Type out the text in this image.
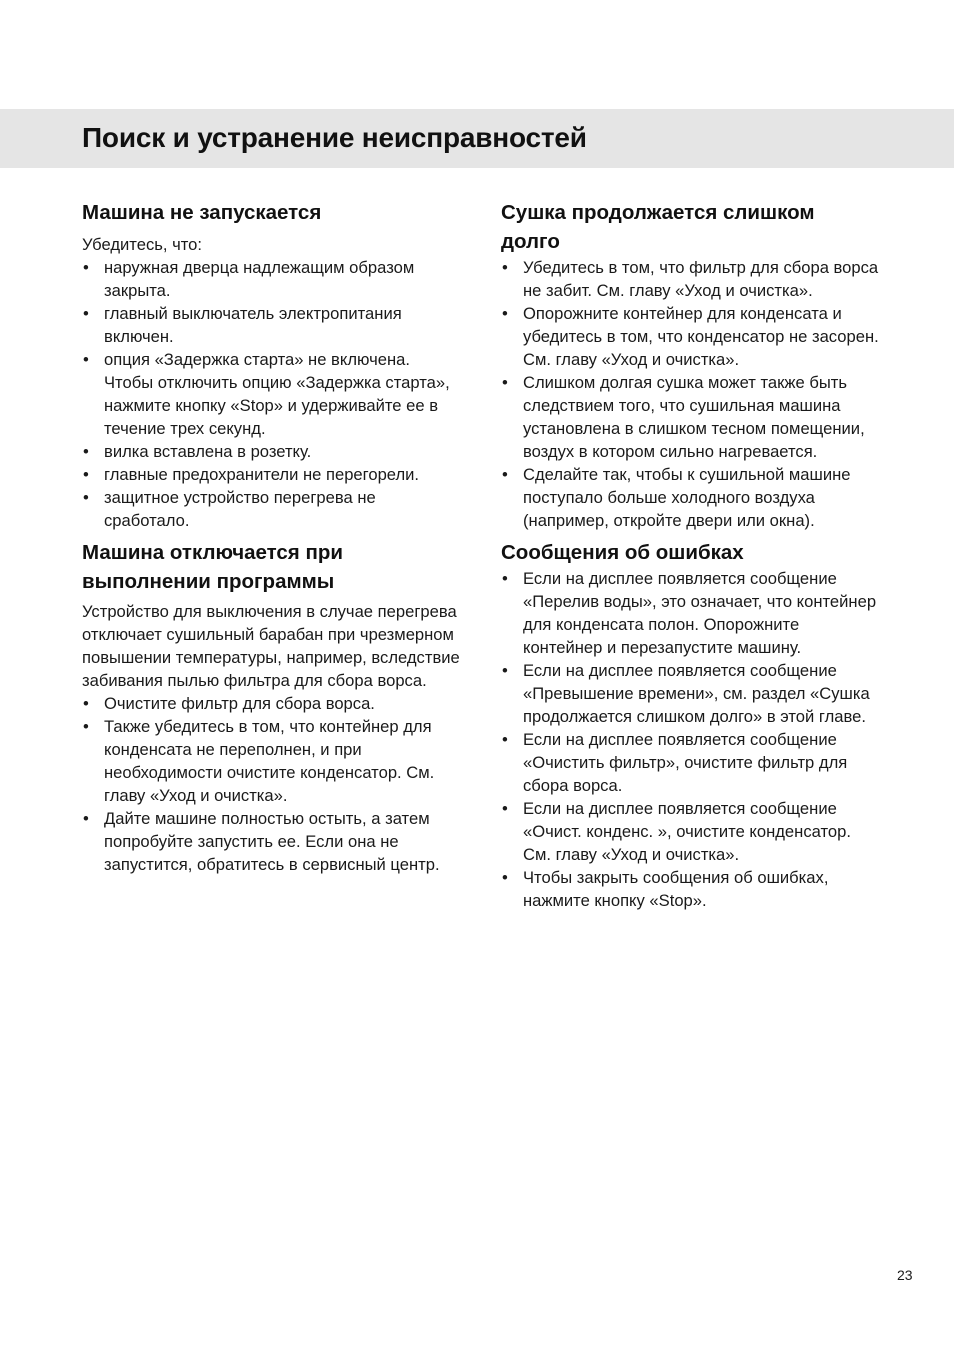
Поиск и устранение неисправностей
Машина не запускается

Убедитесь, что:

• наружная дверца надлежащим образом закрыта.
• главный выключатель электропитания включен.
• опция «Задержка старта» не включена. Чтобы отключить опцию «Задержка старта», нажмите кнопку «Stop» и удерживайте ее в течение трех секунд.
• вилка вставлена в розетку.
• главные предохранители не перегорели.
• защитное устройство перегрева не сработало.
Машина отключается при выполнении программы

Устройство для выключения в случае перегрева отключает сушильный барабан при чрезмерном повышении температуры, например, вследствие забивания пылью фильтра для сбора ворса.

• Очистите фильтр для сбора ворса.
• Также убедитесь в том, что контейнер для конденсата не переполнен, и при необходимости очистите конденсатор. См. главу «Уход и очистка».
• Дайте машине полностью остыть, а затем попробуйте запустить ее. Если она не запустится, обратитесь в сервисный центр.
Сушка продолжается слишком долго
• Убедитесь в том, что фильтр для сбора ворса не забит. См. главу «Уход и очистка».
• Опорожните контейнер для конденсата и убедитесь в том, что конденсатор не засорен. См. главу «Уход и очистка».
• Слишком долгая сушка может также быть следствием того, что сушильная машина установлена в слишком тесном помещении, воздух в котором сильно нагревается.
• Сделайте так, чтобы к сушильной машине поступало больше холодного воздуха (например, откройте двери или окна).
Сообщения об ошибках
• Если на дисплее появляется сообщение «Перелив воды», это означает, что контейнер для конденсата полон. Опорожните контейнер и перезапустите машину.
• Если на дисплее появляется сообщение «Превышение времени», см. раздел «Сушка продолжается слишком долго» в этой главе.
• Если на дисплее появляется сообщение «Очистить фильтр», очистите фильтр для сбора ворса.
• Если на дисплее появляется сообщение «Очист. конденс. », очистите конденсатор. См. главу «Уход и очистка».
• Чтобы закрыть сообщения об ошибках, нажмите кнопку «Stop».
23
